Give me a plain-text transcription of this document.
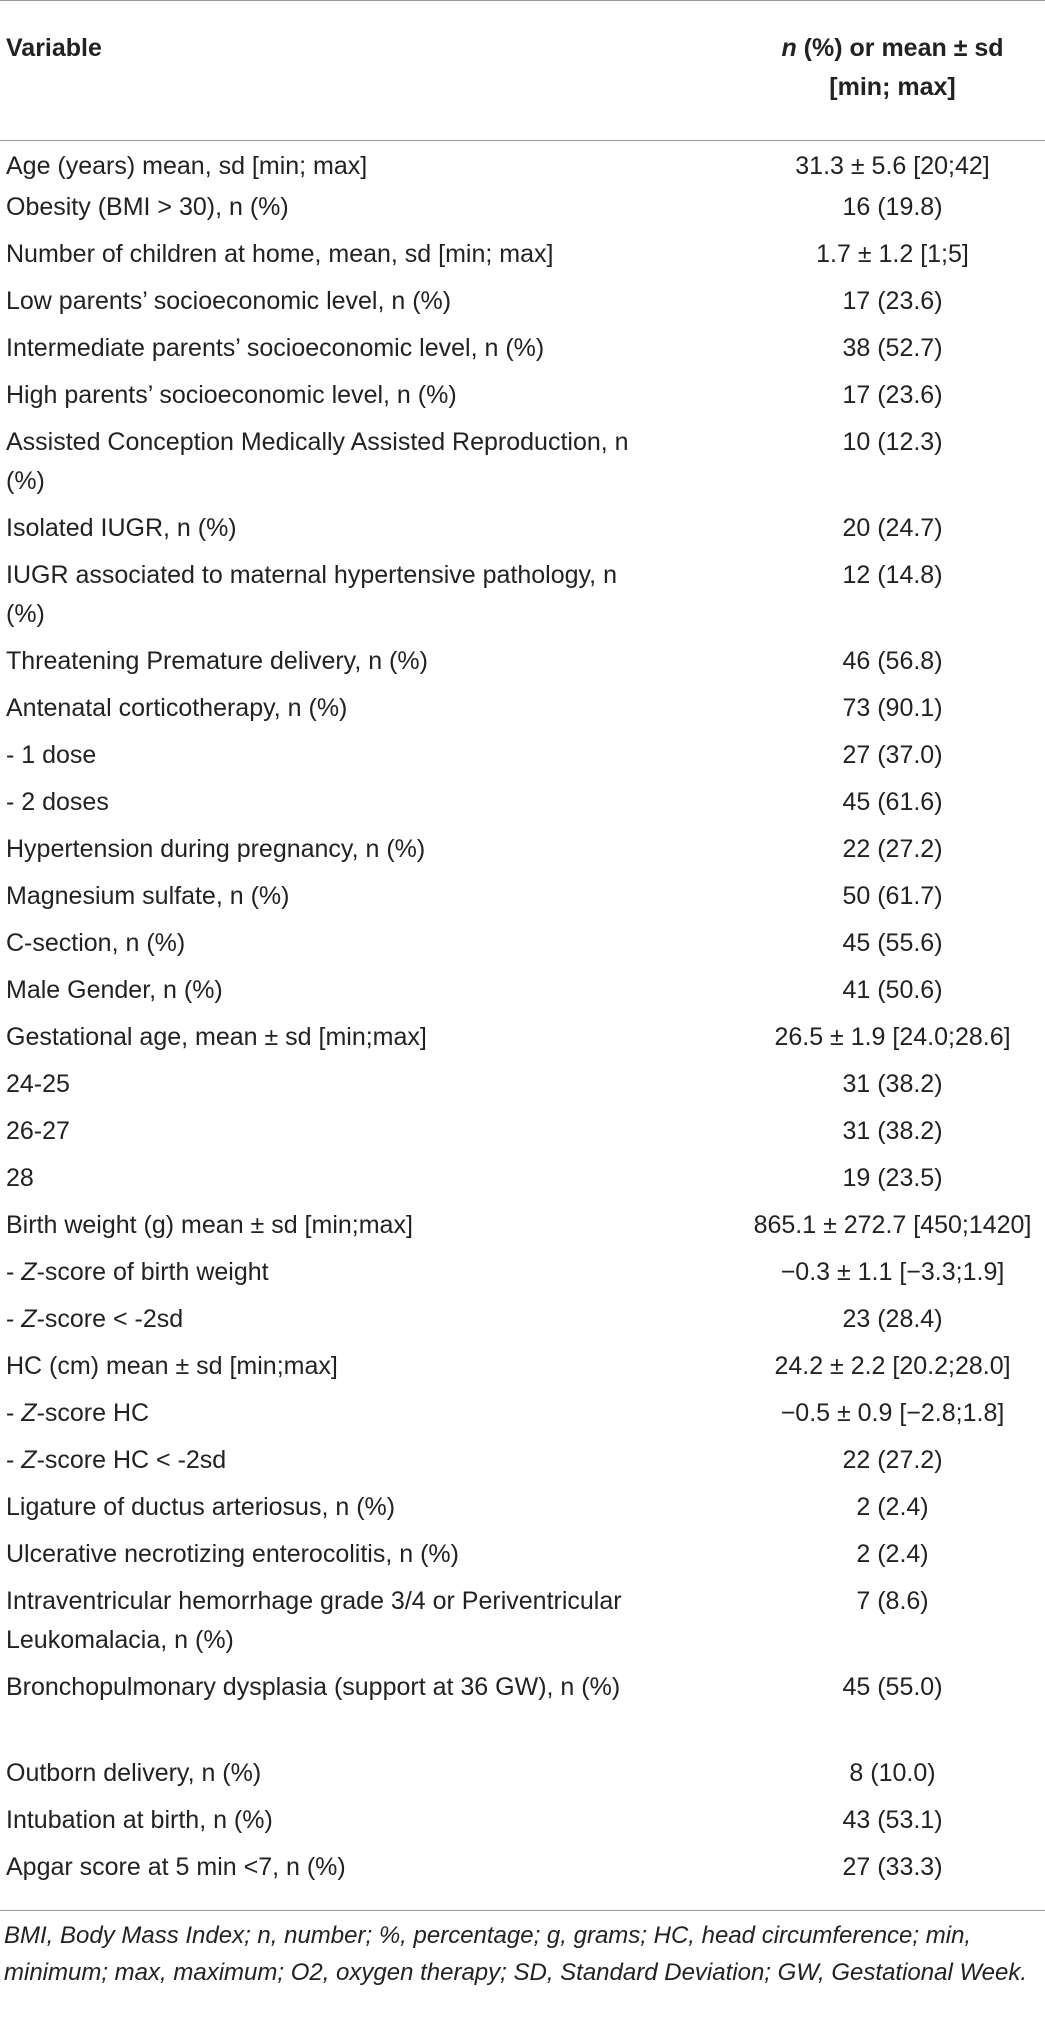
Variable	n (%) or mean ± sd
[min; max]
Age (years) mean, sd [min; max]	31.3 ± 5.6 [20;42]
Obesity (BMI > 30), n (%)	16 (19.8)
Number of children at home, mean, sd [min; max]	1.7 ± 1.2 [1;5]
Low parents’ socioeconomic level, n (%)	17 (23.6)
Intermediate parents’ socioeconomic level, n (%)	38 (52.7)
High parents’ socioeconomic level, n (%)	17 (23.6)
Assisted Conception Medically Assisted Reproduction, n (%)	10 (12.3)
Isolated IUGR, n (%)	20 (24.7)
IUGR associated to maternal hypertensive pathology, n (%)	12 (14.8)
Threatening Premature delivery, n (%)	46 (56.8)
Antenatal corticotherapy, n (%)	73 (90.1)
- 1 dose	27 (37.0)
- 2 doses	45 (61.6)
Hypertension during pregnancy, n (%)	22 (27.2)
Magnesium sulfate, n (%)	50 (61.7)
C-section, n (%)	45 (55.6)
Male Gender, n (%)	41 (50.6)
Gestational age, mean ± sd [min;max]	26.5 ± 1.9 [24.0;28.6]
24-25	31 (38.2)
26-27	31 (38.2)
28	19 (23.5)
Birth weight (g) mean ± sd [min;max]	865.1 ± 272.7 [450;1420]
- Z-score of birth weight	−0.3 ± 1.1 [−3.3;1.9]
- Z-score < -2sd	23 (28.4)
HC (cm) mean ± sd [min;max]	24.2 ± 2.2 [20.2;28.0]
- Z-score HC	−0.5 ± 0.9 [−2.8;1.8]
- Z-score HC < -2sd	22 (27.2)
Ligature of ductus arteriosus, n (%)	2 (2.4)
Ulcerative necrotizing enterocolitis, n (%)	2 (2.4)
Intraventricular hemorrhage grade 3/4 or Periventricular Leukomalacia, n (%)	7 (8.6)
Bronchopulmonary dysplasia (support at 36 GW), n (%)	45 (55.0)
Outborn delivery, n (%)	8 (10.0)
Intubation at birth, n (%)	43 (53.1)
Apgar score at 5 min <7, n (%)	27 (33.3)
BMI, Body Mass Index; n, number; %, percentage; g, grams; HC, head circumference; min, minimum; max, maximum; O2, oxygen therapy; SD, Standard Deviation; GW, Gestational Week.
